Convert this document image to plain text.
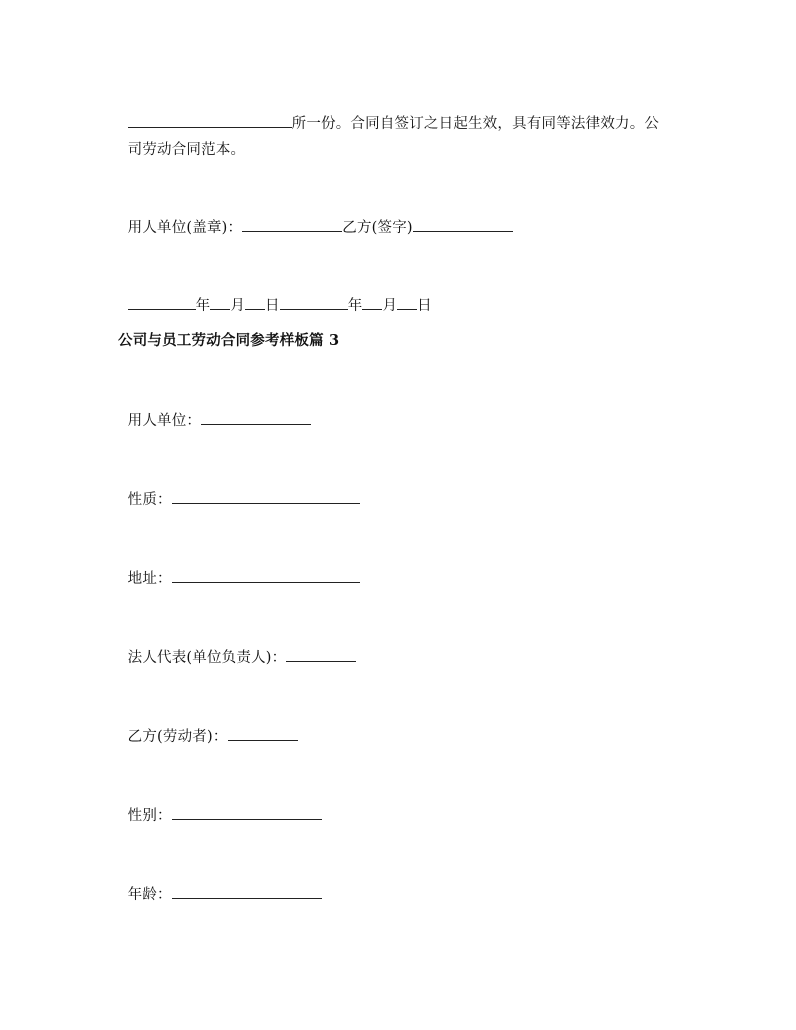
所一份。合同自签订之日起生效，具有同等法律效力。公

司劳动合同范本。

用人单位(盖章)：	乙方(签字)

年 月 日	年 月 日

公司与员工劳动合同参考样板篇 3

用人单位：

性质：

地址：

法人代表(单位负责人)：

乙方(劳动者)：

性别：

年龄：
